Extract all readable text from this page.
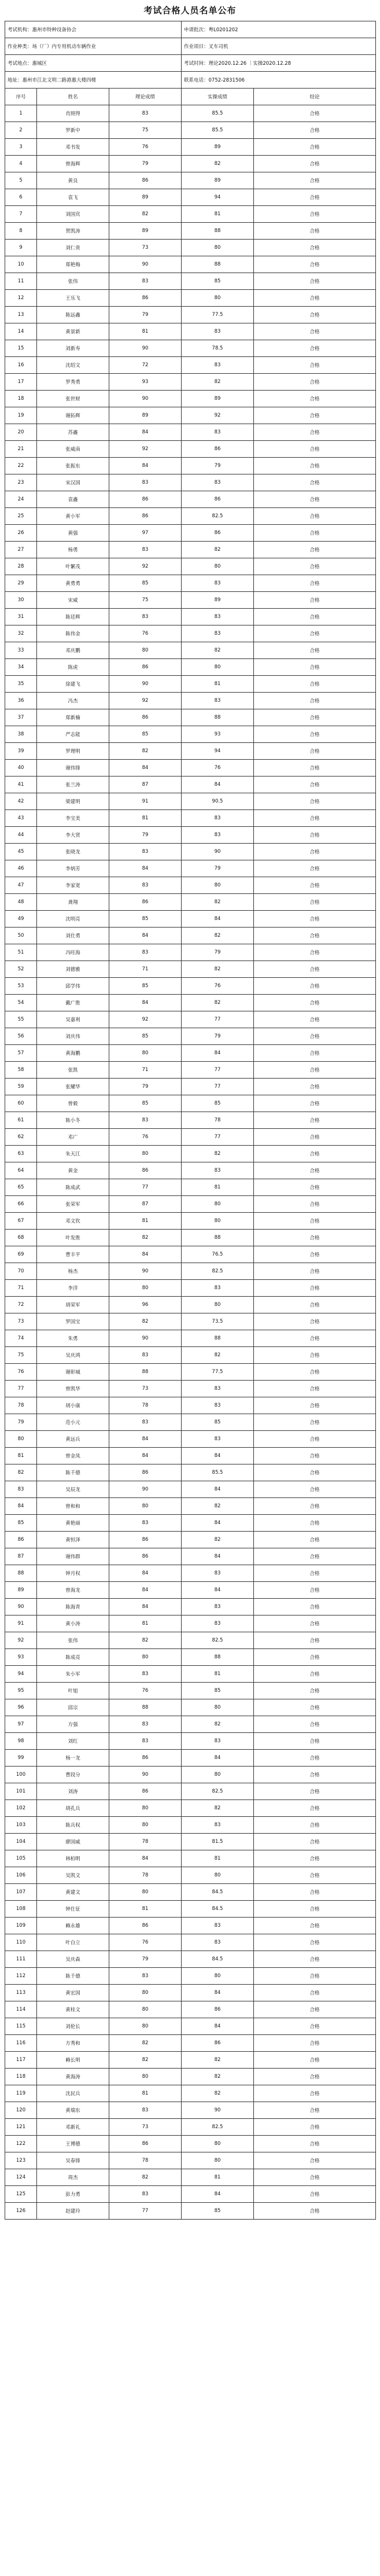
考试合格人员名单公布
考试机构：惠州市特种设备协会			申请批次：粤L0201202	
作业种类：场（厂）内专用机动车辆作业			作业项目：叉车司机	
考试地点：惠城区			考试时间：理论2020.12.26 ｜实操2020.12.28	
地址：惠州市江北文明二路港惠大楼四楼			联系电话：0752-2831506	
序号	姓名	理论成绩	实操成绩	结论
1	肖照得	83	85.5	合格
2	罗新中	75	85.5	合格
3	邓书发	76	89	合格
4	曾海辉	79	82	合格
5	黄良	86	89	合格
6	袁飞	89	94	合格
7	刘国宾	82	81	合格
8	贺凯涛	89	88	合格
9	刘仁贵	73	80	合格
10	郑艳梅	90	88	合格
11	张伟	83	85	合格
12	王乐飞	86	80	合格
13	陈远鑫	79	77.5	合格
14	黄景新	81	83	合格
15	刘新寿	90	78.5	合格
16	沈绍文	72	83	合格
17	罗秀勇	93	82	合格
18	张世财	90	89	合格
19	谢拓辉	89	92	合格
20	苏鑫	84	83	合格
21	张威南	92	86	合格
22	张振东	84	79	合格
23	宋汉国	83	83	合格
24	袁鑫	86	86	合格
25	黄小军	86	82.5	合格
26	黄强	97	86	合格
27	杨勇	83	82	合格
28	叶繁茂	92	80	合格
29	黄勇勇	85	83	合格
30	宋威	75	89	合格
31	陈廷辉	83	83	合格
32	陈伟金	76	83	合格
33	邓庆鹏	80	82	合格
34	陈虎	86	80	合格
35	徐建飞	90	81	合格
36	冯杰	92	83	合格
37	郑新楠	86	88	合格
38	严志能	85	93	合格
39	罗理明	82	94	合格
40	谢伟锋	84	76	合格
41	张兰涛	87	84	合格
42	梁建明	91	90.5	合格
43	李宝美	81	83	合格
44	李大贤	79	83	合格
45	张晓龙	83	90	合格
46	李炳芳	84	79	合格
47	李家宽	83	80	合格
48	龚翔	86	82	合格
49	沈明亮	85	84	合格
50	刘仕勇	84	82	合格
51	冯旺海	83	79	合格
52	刘德雅	71	82	合格
53	邱学伟	85	76	合格
54	戴广胜	84	82	合格
55	吴嘉利	92	77	合格
56	刘庆伟	85	79	合格
57	黄海鹏	80	84	合格
58	张凯	71	77	合格
59	张耀华	79	77	合格
60	曾毅	85	85	合格
61	陈小冬	83	78	合格
62	邓广	76	77	合格
63	朱天江	80	82	合格
64	黄金	86	83	合格
65	陈成武	77	81	合格
66	张荣军	87	80	合格
67	邓文钦	81	80	合格
68	叶发胜	82	88	合格
69	曹丰平	84	76.5	合格
70	杨杰	90	82.5	合格
71	李洋	80	83	合格
72	胡荣军	96	80	合格
73	罗国宝	82	73.5	合格
74	朱勇	90	88	合格
75	吴庆鸿	83	82	合格
76	谢彰城	88	77.5	合格
77	曾凯华	73	83	合格
78	胡小康	78	83	合格
79	范小元	83	85	合格
80	黄远兵	84	83	合格
81	曾金凤	84	84	合格
82	陈千德	86	85.5	合格
83	吴辰龙	90	84	合格
84	曾和和	80	82	合格
85	黄艳丽	83	84	合格
86	黄恒泽	86	82	合格
87	谢伟群	86	84	合格
88	钟月权	84	83	合格
89	曾海龙	84	84	合格
90	陈海青	84	83	合格
91	黄小涛	81	83	合格
92	张伟	82	82.5	合格
93	陈成亮	80	88	合格
94	朱小军	83	81	合格
95	叶旭	76	85	合格
96	邱宗	88	80	合格
97	方强	83	82	合格
98	刘红	83	83	合格
99	杨一龙	86	84	合格
100	曹段分	90	80	合格
101	刘涛	86	82.5	合格
102	胡孔兵	80	82	合格
103	陈兵权	80	83	合格
104	廖国威	78	81.5	合格
105	林柏明	84	81	合格
106	吴凯文	78	80	合格
107	黄建文	80	84.5	合格
108	钟仕征	81	84.5	合格
109	赖永雄	86	83	合格
110	叶自立	76	83	合格
111	吴庆森	79	84.5	合格
112	陈千德	83	80	合格
113	黄宏国	80	84	合格
114	黄桂文	80	86	合格
115	刘伦长	80	84	合格
116	方秀和	82	86	合格
117	赖长明	82	82	合格
118	黄海涛	80	82	合格
119	沈民兵	81	82	合格
120	黄瑞东	83	90	合格
121	邓新礼	73	82.5	合格
122	王博德	86	80	合格
123	吴春锋	78	80	合格
124	周杰	82	81	合格
125	彭力勇	83	84	合格
126	赵建玲	77	85	合格
